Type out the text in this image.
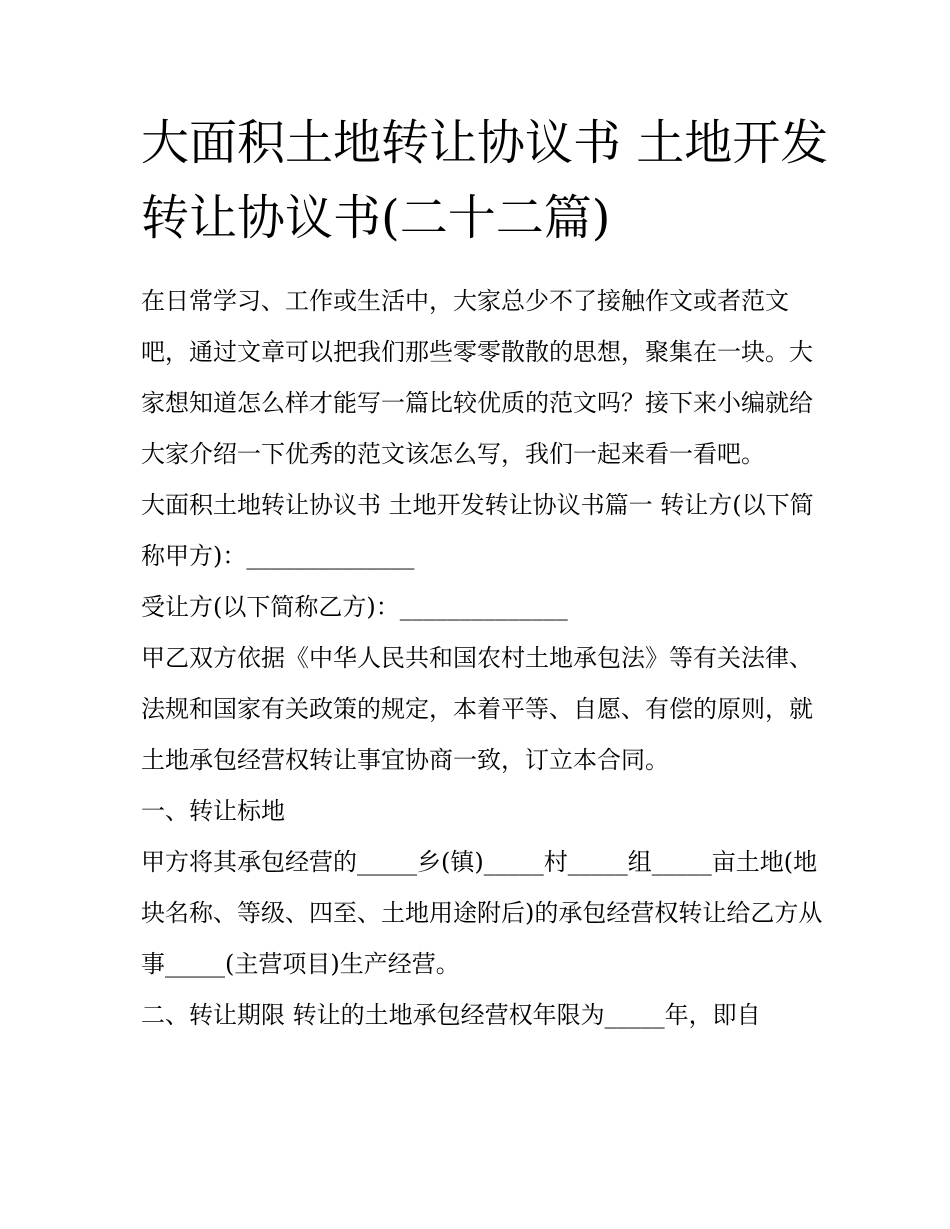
大面积土地转让协议书 土地开发转让协议书(二十二篇)

在日常学习、工作或生活中，大家总少不了接触作文或者范文吧，通过文章可以把我们那些零零散散的思想，聚集在一块。大家想知道怎么样才能写一篇比较优质的范文吗？接下来小编就给大家介绍一下优秀的范文该怎么写，我们一起来看一看吧。

大面积土地转让协议书 土地开发转让协议书篇一 转让方(以下简称甲方)：______________

受让方(以下简称乙方)：______________

甲乙双方依据《中华人民共和国农村土地承包法》等有关法律、法规和国家有关政策的规定，本着平等、自愿、有偿的原则，就土地承包经营权转让事宜协商一致，订立本合同。

一、转让标地

甲方将其承包经营的_____乡(镇)_____村_____组_____亩土地(地块名称、等级、四至、土地用途附后)的承包经营权转让给乙方从事_____(主营项目)生产经营。

二、转让期限 转让的土地承包经营权年限为_____年，即自
